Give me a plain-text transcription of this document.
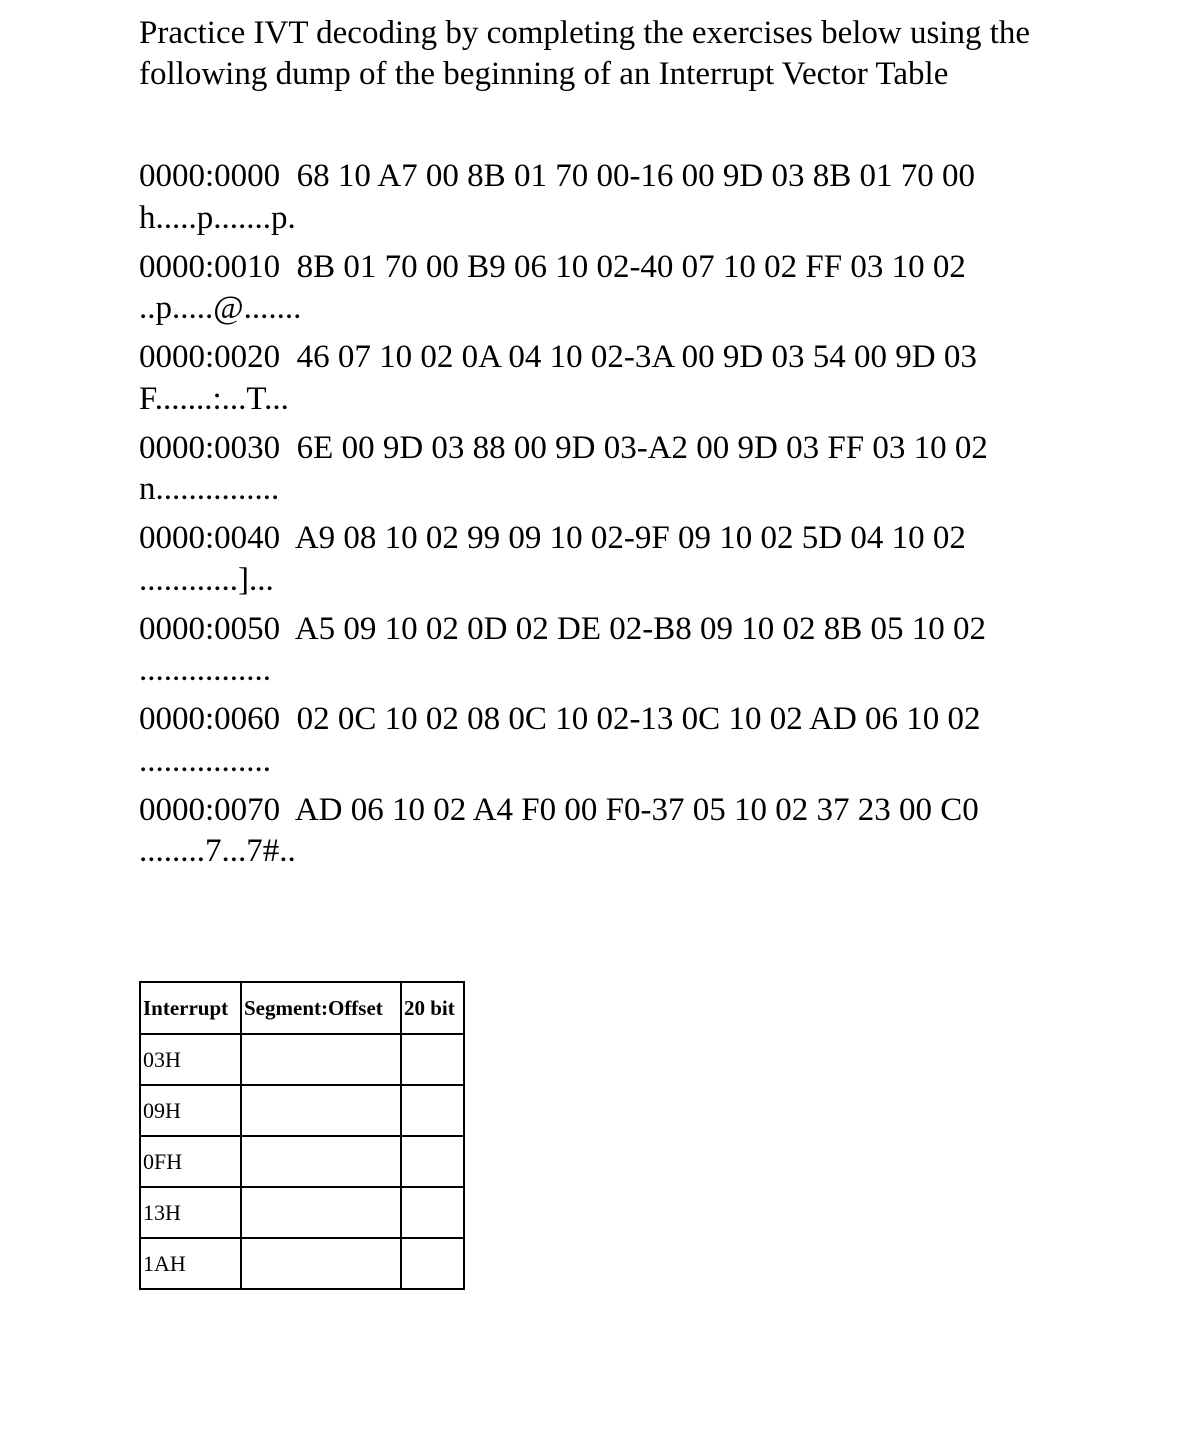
Practice IVT decoding by completing the exercises below using the following dump of the beginning of an Interrupt Vector Table

0000:0000  68 10 A7 00 8B 01 70 00-16 00 9D 03 8B 01 70 00   h.....p.......p.

0000:0010  8B 01 70 00 B9 06 10 02-40 07 10 02 FF 03 10 02   ..p.....@.......

0000:0020  46 07 10 02 0A 04 10 02-3A 00 9D 03 54 00 9D 03   F.......:...T...

0000:0030  6E 00 9D 03 88 00 9D 03-A2 00 9D 03 FF 03 10 02   n...............

0000:0040  A9 08 10 02 99 09 10 02-9F 09 10 02 5D 04 10 02   ............]...

0000:0050  A5 09 10 02 0D 02 DE 02-B8 09 10 02 8B 05 10 02   ................

0000:0060  02 0C 10 02 08 0C 10 02-13 0C 10 02 AD 06 10 02   ................

0000:0070  AD 06 10 02 A4 F0 00 F0-37 05 10 02 37 23 00 C0   ........7...7#..

Interrupt	Segment:Offset	20 bit
03H		
09H		
0FH		
13H		
1AH		
